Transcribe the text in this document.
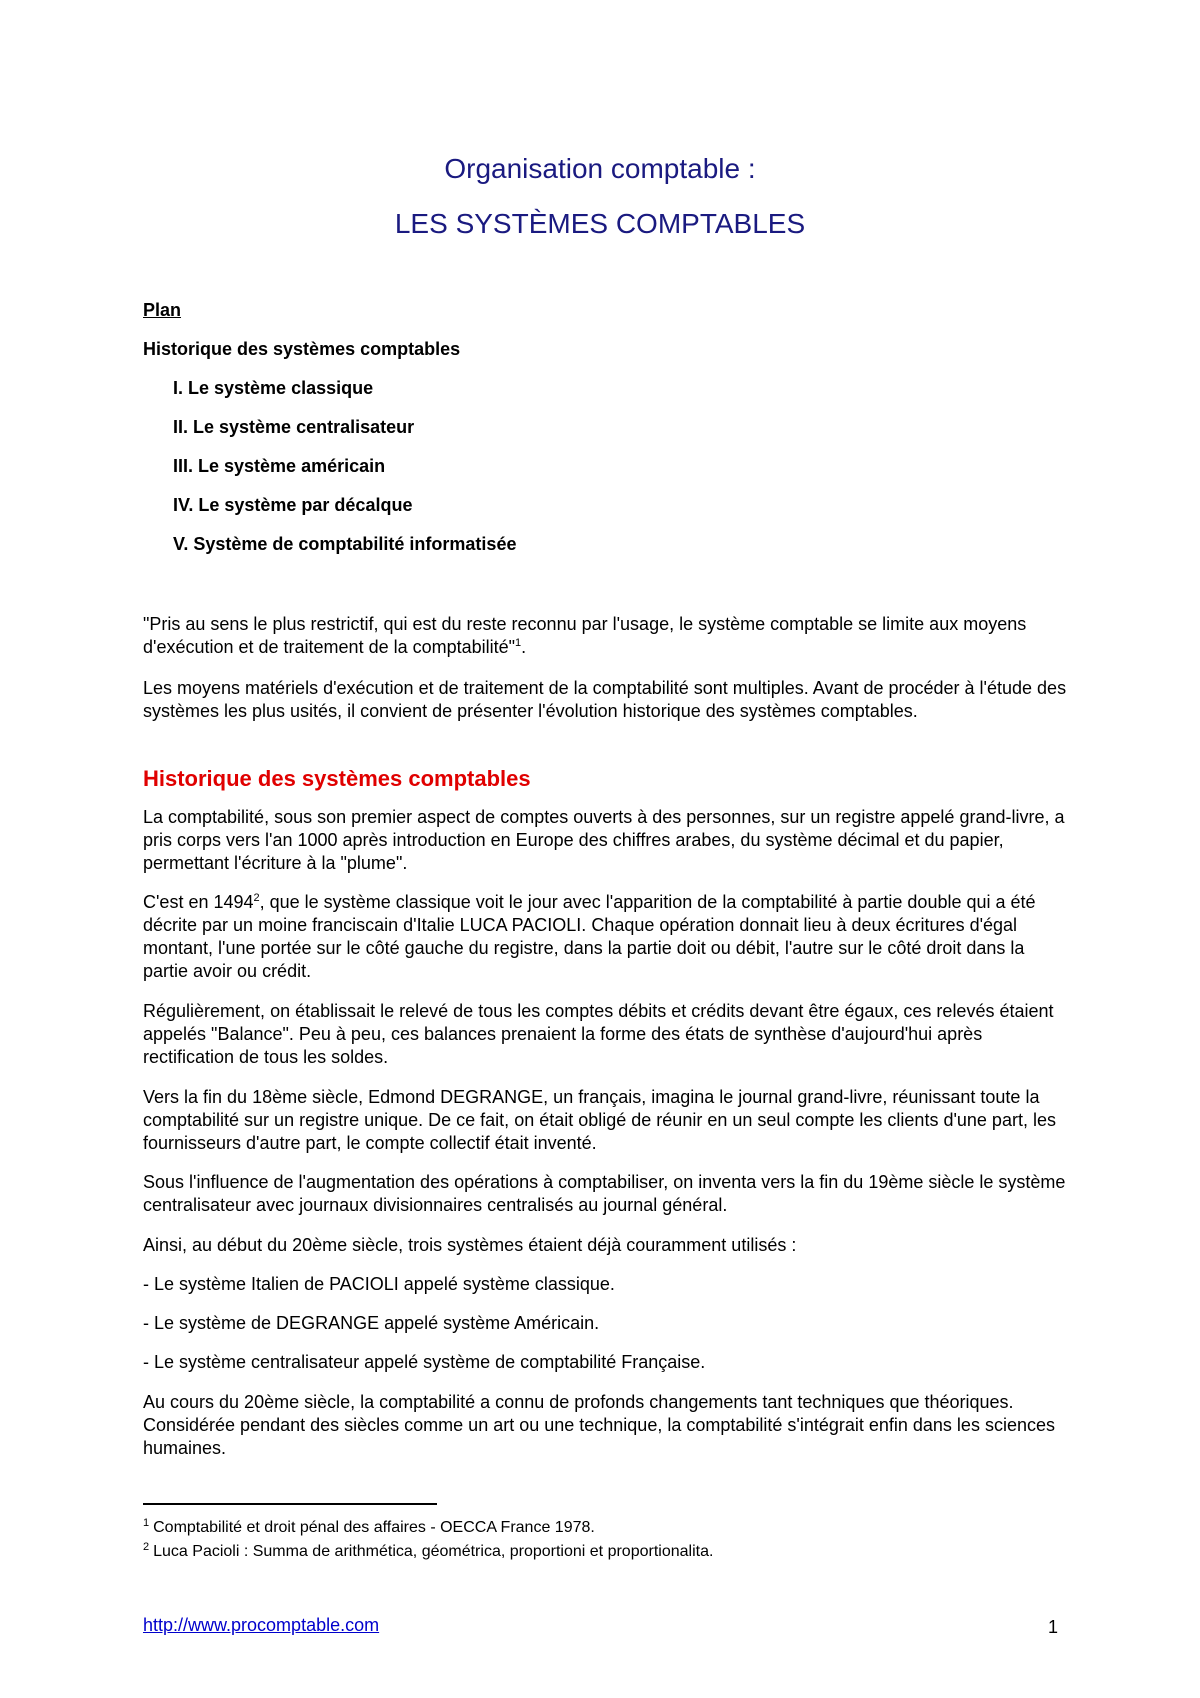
Organisation comptable :
LES SYSTÈMES COMPTABLES
Plan
Historique des systèmes comptables
I. Le système classique
II. Le système centralisateur
III. Le système américain
IV. Le système par décalque
V. Système de comptabilité informatisée

"Pris au sens le plus restrictif, qui est du reste reconnu par l'usage, le système comptable se limite aux moyens d'exécution et de traitement de la comptabilité"$^1$.

Les moyens matériels d'exécution et de traitement de la comptabilité sont multiples. Avant de procéder à l'étude des systèmes les plus usités, il convient de présenter l'évolution historique des systèmes comptables.

Historique des systèmes comptables

La comptabilité, sous son premier aspect de comptes ouverts à des personnes, sur un registre appelé grand-livre, a pris corps vers l'an 1000 après introduction en Europe des chiffres arabes, du système décimal et du papier, permettant l'écriture à la "plume".

C'est en 1494$^2$, que le système classique voit le jour avec l'apparition de la comptabilité à partie double qui a été décrite par un moine franciscain d'Italie LUCA PACIOLI. Chaque opération donnait lieu à deux écritures d'égal montant, l'une portée sur le côté gauche du registre, dans la partie doit ou débit, l'autre sur le côté droit dans la partie avoir ou crédit.

Régulièrement, on établissait le relevé de tous les comptes débits et crédits devant être égaux, ces relevés étaient appelés "Balance". Peu à peu, ces balances prenaient la forme des états de synthèse d'aujourd'hui après rectification de tous les soldes.

Vers la fin du 18ème siècle, Edmond DEGRANGE, un français, imagina le journal grand-livre, réunissant toute la comptabilité sur un registre unique. De ce fait, on était obligé de réunir en un seul compte les clients d'une part, les fournisseurs d'autre part, le compte collectif était inventé.

Sous l'influence de l'augmentation des opérations à comptabiliser, on inventa vers la fin du 19ème siècle le système centralisateur avec journaux divisionnaires centralisés au journal général.

Ainsi, au début du 20ème siècle, trois systèmes étaient déjà couramment utilisés :

- Le système Italien de PACIOLI appelé système classique.

- Le système de DEGRANGE appelé système Américain.

- Le système centralisateur appelé système de comptabilité Française.

Au cours du 20ème siècle, la comptabilité a connu de profonds changements tant techniques que théoriques. Considérée pendant des siècles comme un art ou une technique, la comptabilité s'intégrait enfin dans les sciences humaines.

$^1$ Comptabilité et droit pénal des affaires - OECCA France 1978.
$^2$ Luca Pacioli : Summa de arithmética, géométrica, proportioni et proportionalita.
http://www.procomptable.com	1
